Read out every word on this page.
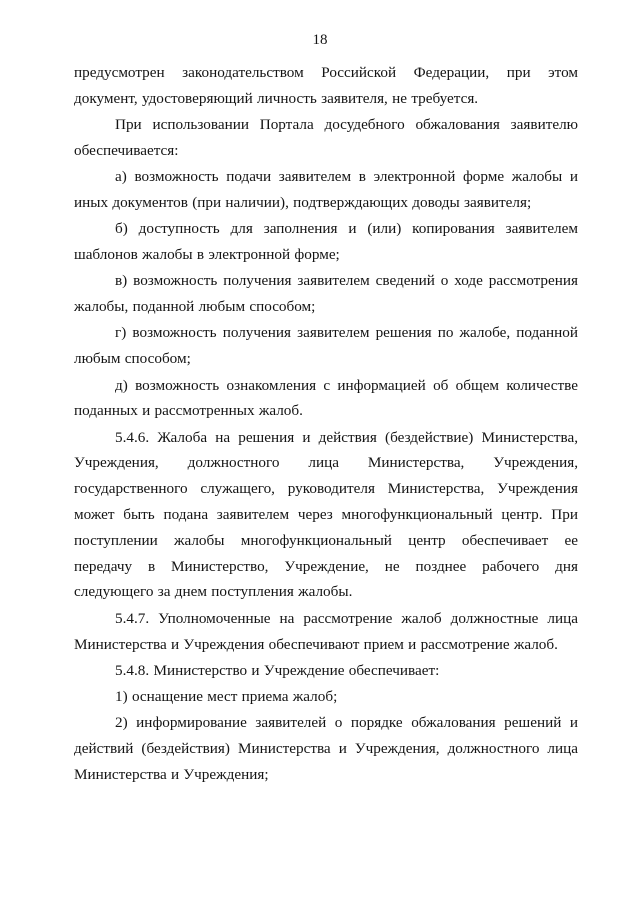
18

предусмотрен законодательством Российской Федерации, при этом документ, удостоверяющий личность заявителя, не требуется.

При использовании Портала досудебного обжалования заявителю обеспечивается:

а) возможность подачи заявителем в электронной форме жалобы и иных документов (при наличии), подтверждающих доводы заявителя;

б) доступность для заполнения и (или) копирования заявителем шаблонов жалобы в электронной форме;

в) возможность получения заявителем сведений о ходе рассмотрения жалобы, поданной любым способом;

г) возможность получения заявителем решения по жалобе, поданной любым способом;

д) возможность ознакомления с информацией об общем количестве поданных и рассмотренных жалоб.

5.4.6. Жалоба на решения и действия (бездействие) Министерства, Учреждения, должностного лица Министерства, Учреждения, государственного служащего, руководителя Министерства, Учреждения может быть подана заявителем через многофункциональный центр. При поступлении жалобы многофункциональный центр обеспечивает ее передачу в Министерство, Учреждение, не позднее рабочего дня следующего за днем поступления жалобы.

5.4.7. Уполномоченные на рассмотрение жалоб должностные лица Министерства и Учреждения обеспечивают прием и рассмотрение жалоб.

5.4.8. Министерство и Учреждение обеспечивает:

1) оснащение мест приема жалоб;

2) информирование заявителей о порядке обжалования решений и действий (бездействия) Министерства и Учреждения, должностного лица Министерства и Учреждения;
